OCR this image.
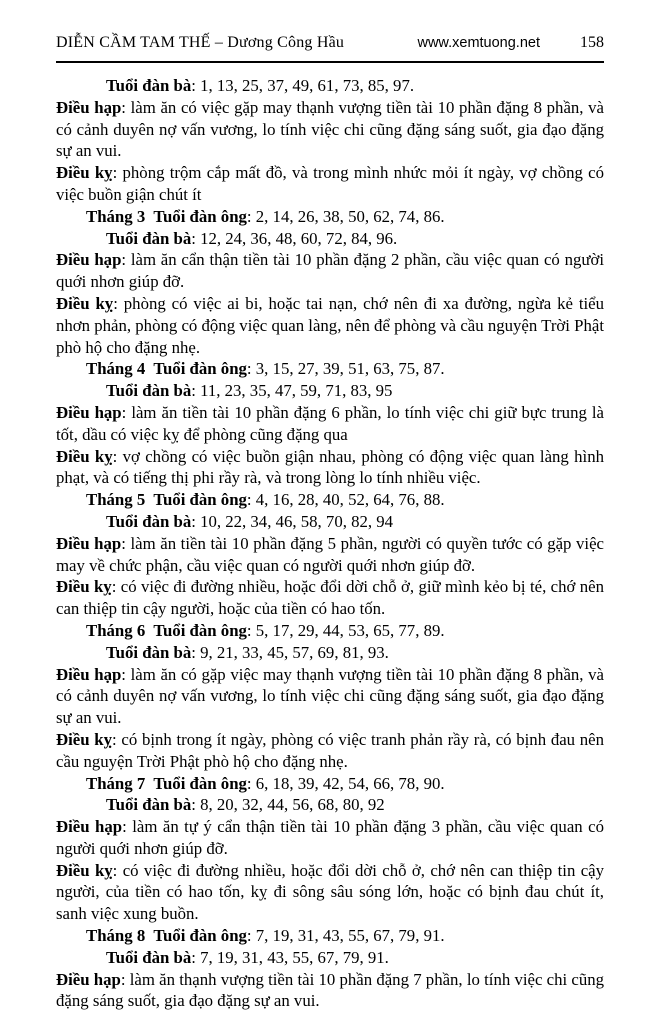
DIỄN CẦM TAM THẾ – Dương Công Hầu	www.xemtuong.net	158

Tuổi đàn bà: 1, 13, 25, 37, 49, 61, 73, 85, 97.

Điều hạp: làm ăn có việc gặp may thạnh vượng tiền tài 10 phần đặng 8 phần, và có cảnh duyên nợ vấn vương, lo tính việc chi cũng đặng sáng suốt, gia đạo đặng sự an vui.

Điều kỵ: phòng trộm cắp mất đồ, và trong mình nhức mỏi ít ngày, vợ chồng có việc buồn giận chút ít

Tháng 3  Tuổi đàn ông: 2, 14, 26, 38, 50, 62, 74, 86.

Tuổi đàn bà: 12, 24, 36, 48, 60, 72, 84, 96.

Điều hạp: làm ăn cẩn thận tiền tài 10 phần đặng 2 phần, cầu việc quan có người quới nhơn giúp đỡ.

Điều kỵ: phòng có việc ai bi, hoặc tai nạn, chớ nên đi xa đường, ngừa kẻ tiểu nhơn phản, phòng có động việc quan làng, nên để phòng và cầu nguyện Trời Phật phò hộ cho đặng nhẹ.

Tháng 4  Tuổi đàn ông: 3, 15, 27, 39, 51, 63, 75, 87.

Tuổi đàn bà: 11, 23, 35, 47, 59, 71, 83, 95

Điều hạp: làm ăn tiền tài 10 phần đặng 6 phần, lo tính việc chi giữ bực trung là tốt, dầu có việc kỵ để phòng cũng đặng qua

Điều kỵ: vợ chồng có việc buồn giận nhau, phòng có động việc quan làng hình phạt, và có tiếng thị phi rầy rà, và trong lòng lo tính nhiều việc.

Tháng 5  Tuổi đàn ông: 4, 16, 28, 40, 52, 64, 76, 88.

Tuổi đàn bà: 10, 22, 34, 46, 58, 70, 82, 94

Điều hạp: làm ăn tiền tài 10 phần đặng 5 phần, người có quyền tước có gặp việc may về chức phận, cầu việc quan có người quới nhơn giúp đỡ.

Điều kỵ: có việc đi đường nhiều, hoặc đổi dời chỗ ở, giữ mình kẻo bị té, chớ nên can thiệp tin cậy người, hoặc của tiền có hao tốn.

Tháng 6  Tuổi đàn ông: 5, 17, 29, 44, 53, 65, 77, 89.

Tuổi đàn bà: 9, 21, 33, 45, 57, 69, 81, 93.

Điều hạp: làm ăn có gặp việc may thạnh vượng tiền tài 10 phần đặng 8 phần, và có cảnh duyên nợ vấn vương, lo tính việc chi cũng đặng sáng suốt, gia đạo đặng sự an vui.

Điều kỵ: có bịnh trong ít ngày, phòng có việc tranh phản rầy rà, có bịnh đau nên cầu nguyện Trời Phật phò hộ cho đặng nhẹ.

Tháng 7  Tuổi đàn ông: 6, 18, 39, 42, 54, 66, 78, 90.

Tuổi đàn bà: 8, 20, 32, 44, 56, 68, 80, 92

Điều hạp: làm ăn tự ý cẩn thận tiền tài 10 phần đặng 3 phần, cầu việc quan có người quới nhơn giúp đỡ.

Điều kỵ: có việc đi đường nhiều, hoặc đổi dời chỗ ở, chớ nên can thiệp tin cậy người, của tiền có hao tốn, kỵ đi sông sâu sóng lớn, hoặc có bịnh đau chút ít, sanh việc xung buồn.

Tháng 8  Tuổi đàn ông: 7, 19, 31, 43, 55, 67, 79, 91.

Tuổi đàn bà: 7, 19, 31, 43, 55, 67, 79, 91.

Điều hạp: làm ăn thạnh vượng tiền tài 10 phần đặng 7 phần, lo tính việc chi cũng đặng sáng suốt, gia đạo đặng sự an vui.
